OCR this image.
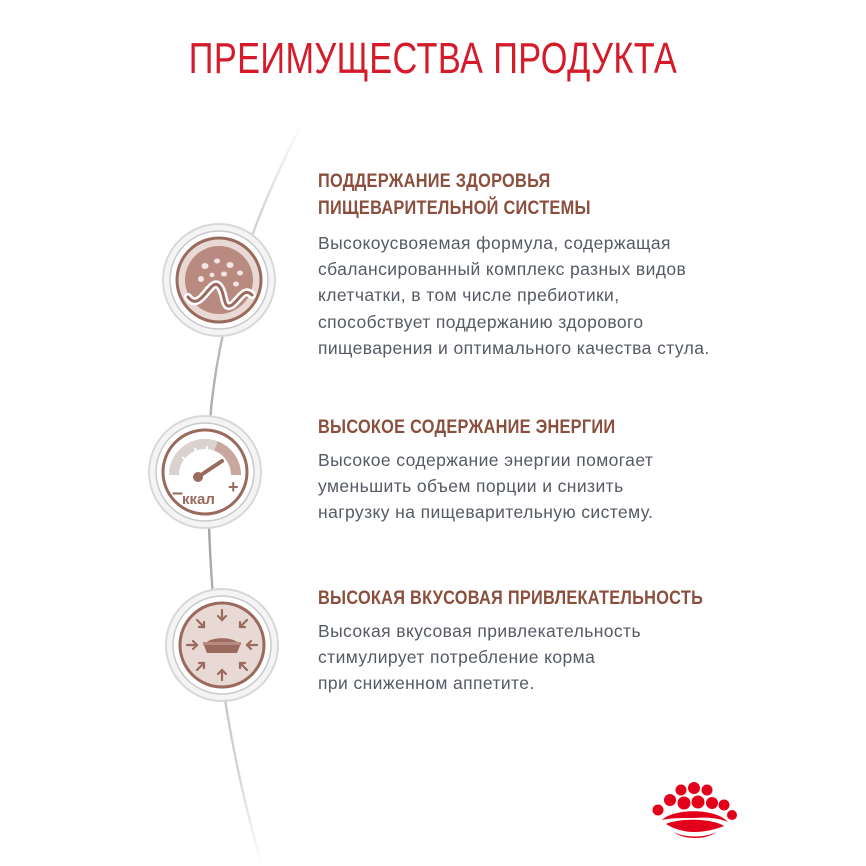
ПРЕИМУЩЕСТВА ПРОДУКТА
ПОДДЕРЖАНИЕ ЗДОРОВЬЯ
ПИЩЕВАРИТЕЛЬНОЙ СИСТЕМЫ
Высокоусвояемая формула, содержащая
сбалансированный комплекс разных видов
клетчатки, в том числе пребиотики,
способствует поддержанию здорового
пищеварения и оптимального качества стула.
– +
ккал
ВЫСОКОЕ СОДЕРЖАНИЕ ЭНЕРГИИ
Высокое содержание энергии помогает
уменьшить объем порции и снизить
нагрузку на пищеварительную систему.
ВЫСОКАЯ ВКУСОВАЯ ПРИВЛЕКАТЕЛЬНОСТЬ
Высокая вкусовая привлекательность
стимулирует потребление корма
при сниженном аппетите.
